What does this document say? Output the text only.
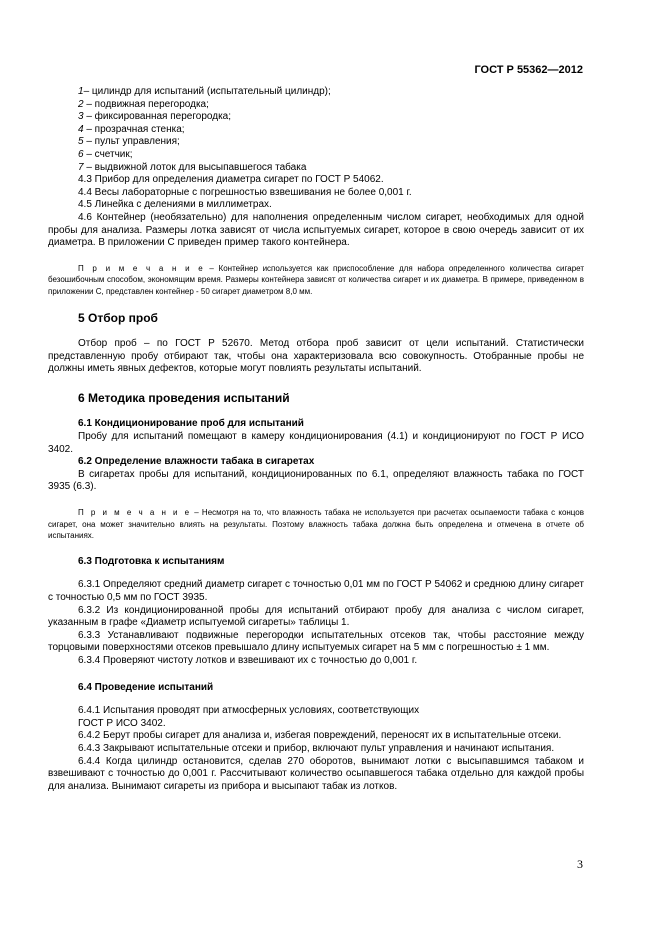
ГОСТ Р 55362—2012

1– цилиндр для испытаний (испытательный цилиндр);

2 – подвижная перегородка;

3 – фиксированная перегородка;

4 – прозрачная стенка;

5 – пульт управления;

6 – счетчик;

7 – выдвижной лоток для высыпавшегося табака

4.3 Прибор для определения диаметра сигарет по ГОСТ Р 54062.

4.4 Весы лабораторные с погрешностью взвешивания не более 0,001 г.

4.5 Линейка с делениями в миллиметрах.

4.6 Контейнер (необязательно) для наполнения определенным числом сигарет, необходимых для одной пробы для анализа. Размеры лотка зависят от числа испытуемых сигарет, которое в свою очередь зависит от их диаметра. В приложении С приведен пример такого контейнера.

П р и м е ч а н и е – Контейнер используется как приспособление для набора определенного количества сигарет безошибочным способом, экономящим время. Размеры контейнера зависят от количества сигарет и их диаметра. В примере, приведенном в приложении С, представлен контейнер - 50 сигарет диаметром 8,0 мм.

5 Отбор проб

Отбор проб – по ГОСТ Р 52670. Метод отбора проб зависит от цели испытаний. Статистически представленную пробу отбирают так, чтобы она характеризовала всю совокупность. Отобранные пробы не должны иметь явных дефектов, которые могут повлиять результаты испытаний.

6 Методика проведения испытаний

6.1 Кондиционирование проб для испытаний

Пробу для испытаний помещают в камеру кондиционирования (4.1) и кондиционируют по ГОСТ Р ИСО 3402.

6.2 Определение влажности табака в сигаретах

В сигаретах пробы для испытаний, кондиционированных по 6.1, определяют влажность табака по ГОСТ 3935 (6.3).

П р и м е ч а н и е – Несмотря на то, что влажность табака не используется при расчетах осыпаемости табака с концов сигарет, она может значительно влиять на результаты. Поэтому влажность табака должна быть определена и отмечена в отчете об испытаниях.

6.3 Подготовка к испытаниям

6.3.1 Определяют средний диаметр сигарет с точностью 0,01 мм по ГОСТ Р 54062 и среднюю длину сигарет с точностью 0,5 мм по ГОСТ 3935.

6.3.2 Из кондиционированной пробы для испытаний отбирают пробу для анализа с числом сигарет, указанным в графе «Диаметр испытуемой сигареты» таблицы 1.

6.3.3 Устанавливают подвижные перегородки испытательных отсеков так, чтобы расстояние между торцовыми поверхностями отсеков превышало длину испытуемых сигарет на 5 мм с погрешностью ± 1 мм.

6.3.4 Проверяют чистоту лотков и взвешивают их с точностью до 0,001 г.

6.4 Проведение испытаний

6.4.1 Испытания проводят при атмосферных условиях, соответствующих

ГОСТ Р ИСО 3402.

6.4.2 Берут пробы сигарет для анализа и, избегая повреждений, переносят их в испытательные отсеки.

6.4.3 Закрывают испытательные отсеки и прибор, включают пульт управления и начинают испытания.

6.4.4 Когда цилиндр остановится, сделав 270 оборотов, вынимают лотки с высыпавшимся табаком и взвешивают с точностью до 0,001 г. Рассчитывают количество осыпавшегося табака отдельно для каждой пробы для анализа. Вынимают сигареты из прибора и высыпают табак из лотков.

3
